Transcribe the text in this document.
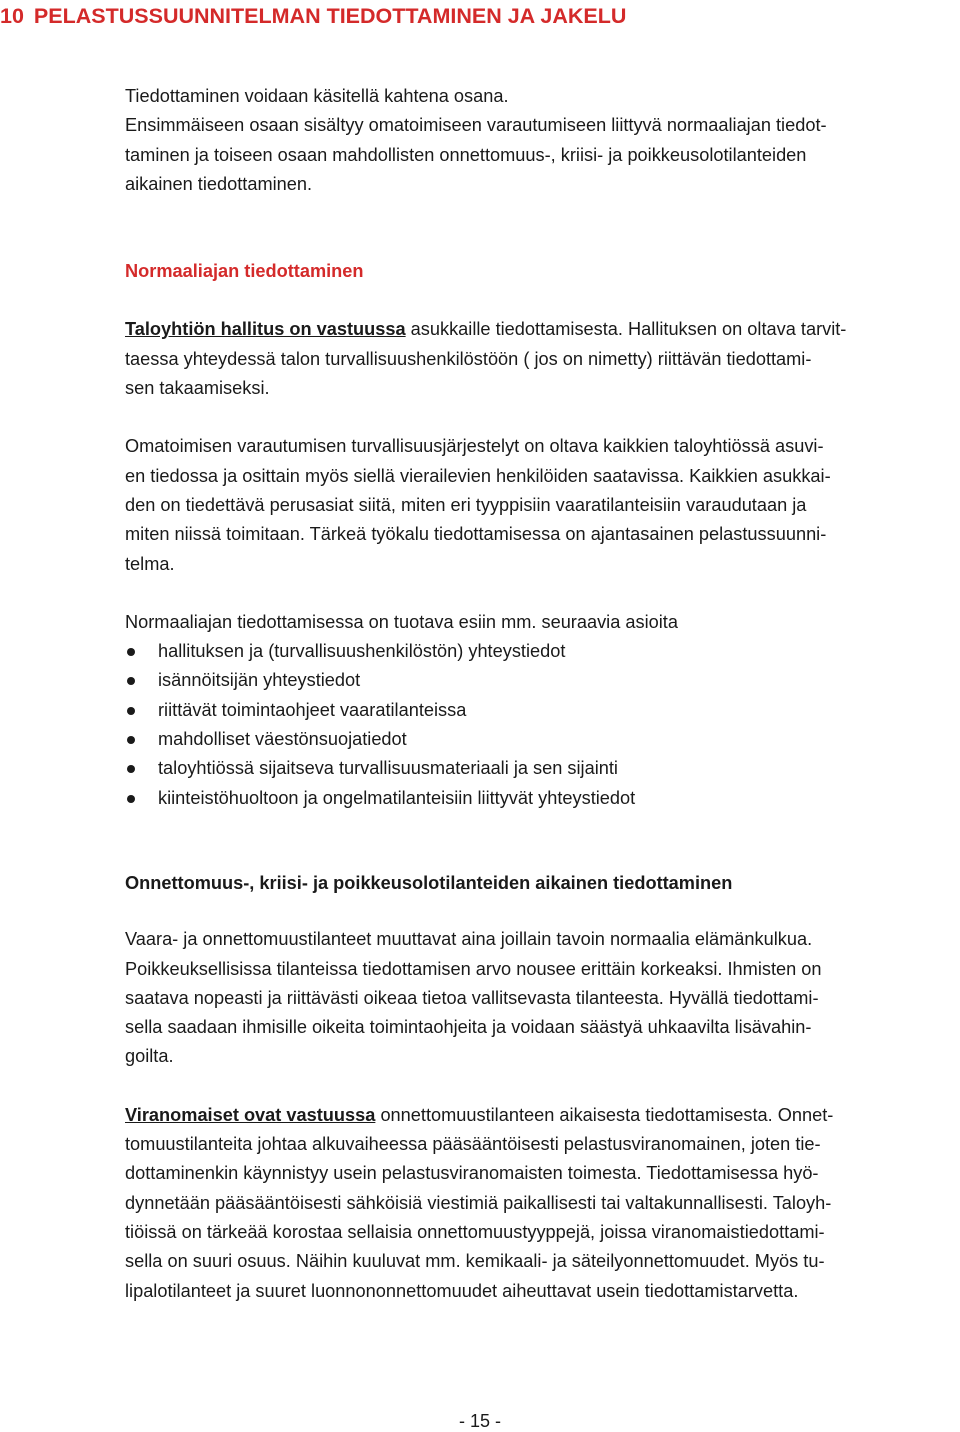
10 PELASTUSSUUNNITELMAN TIEDOTTAMINEN JA JAKELU

Tiedottaminen voidaan käsitellä kahtena osana.

Ensimmäiseen osaan sisältyy omatoimiseen varautumiseen liittyvä normaaliajan tiedot-
taminen ja toiseen osaan mahdollisten onnettomuus-, kriisi- ja poikkeusolotilanteiden
aikainen tiedottaminen.

Normaaliajan tiedottaminen

Taloyhtiön hallitus on vastuussa asukkaille tiedottamisesta. Hallituksen on oltava tarvit-
taessa yhteydessä talon turvallisuushenkilöstöön ( jos on nimetty) riittävän tiedottami-
sen takaamiseksi.

Omatoimisen varautumisen turvallisuusjärjestelyt on oltava kaikkien taloyhtiössä asuvi-
en tiedossa ja osittain myös siellä vierailevien henkilöiden saatavissa. Kaikkien asukkai-
den on tiedettävä perusasiat siitä, miten eri tyyppisiin vaaratilanteisiin varaudutaan ja
miten niissä toimitaan. Tärkeä työkalu tiedottamisessa on ajantasainen pelastussuunni-
telma.

Normaaliajan tiedottamisessa on tuotava esiin mm. seuraavia asioita

hallituksen ja (turvallisuushenkilöstön) yhteystiedot
isännöitsijän yhteystiedot
riittävät toimintaohjeet vaaratilanteissa
mahdolliset väestönsuojatiedot
taloyhtiössä sijaitseva turvallisuusmateriaali ja sen sijainti
kiinteistöhuoltoon ja ongelmatilanteisiin liittyvät yhteystiedot

Onnettomuus-, kriisi- ja poikkeusolotilanteiden aikainen tiedottaminen

Vaara- ja onnettomuustilanteet muuttavat aina joillain tavoin normaalia elämänkulkua.
Poikkeuksellisissa tilanteissa tiedottamisen arvo nousee erittäin korkeaksi. Ihmisten on
saatava nopeasti ja riittävästi oikeaa tietoa vallitsevasta tilanteesta. Hyvällä tiedottami-
sella saadaan ihmisille oikeita toimintaohjeita ja voidaan säästyä uhkaavilta lisävahin-
goilta.

Viranomaiset ovat vastuussa onnettomuustilanteen aikaisesta tiedottamisesta. Onnet-
tomuustilanteita johtaa alkuvaiheessa pääsääntöisesti pelastusviranomainen, joten tie-
dottaminenkin käynnistyy usein pelastusviranomaisten toimesta. Tiedottamisessa hyö-
dynnetään pääsääntöisesti sähköisiä viestimiä paikallisesti tai valtakunnallisesti. Taloyh-
tiöissä on tärkeää korostaa sellaisia onnettomuustyyppejä, joissa viranomaistiedottami-
sella on suuri osuus. Näihin kuuluvat mm. kemikaali- ja säteilyonnettomuudet. Myös tu-
lipalotilanteet ja suuret luonnononnettomuudet aiheuttavat usein tiedottamistarvetta.

- 15 -
